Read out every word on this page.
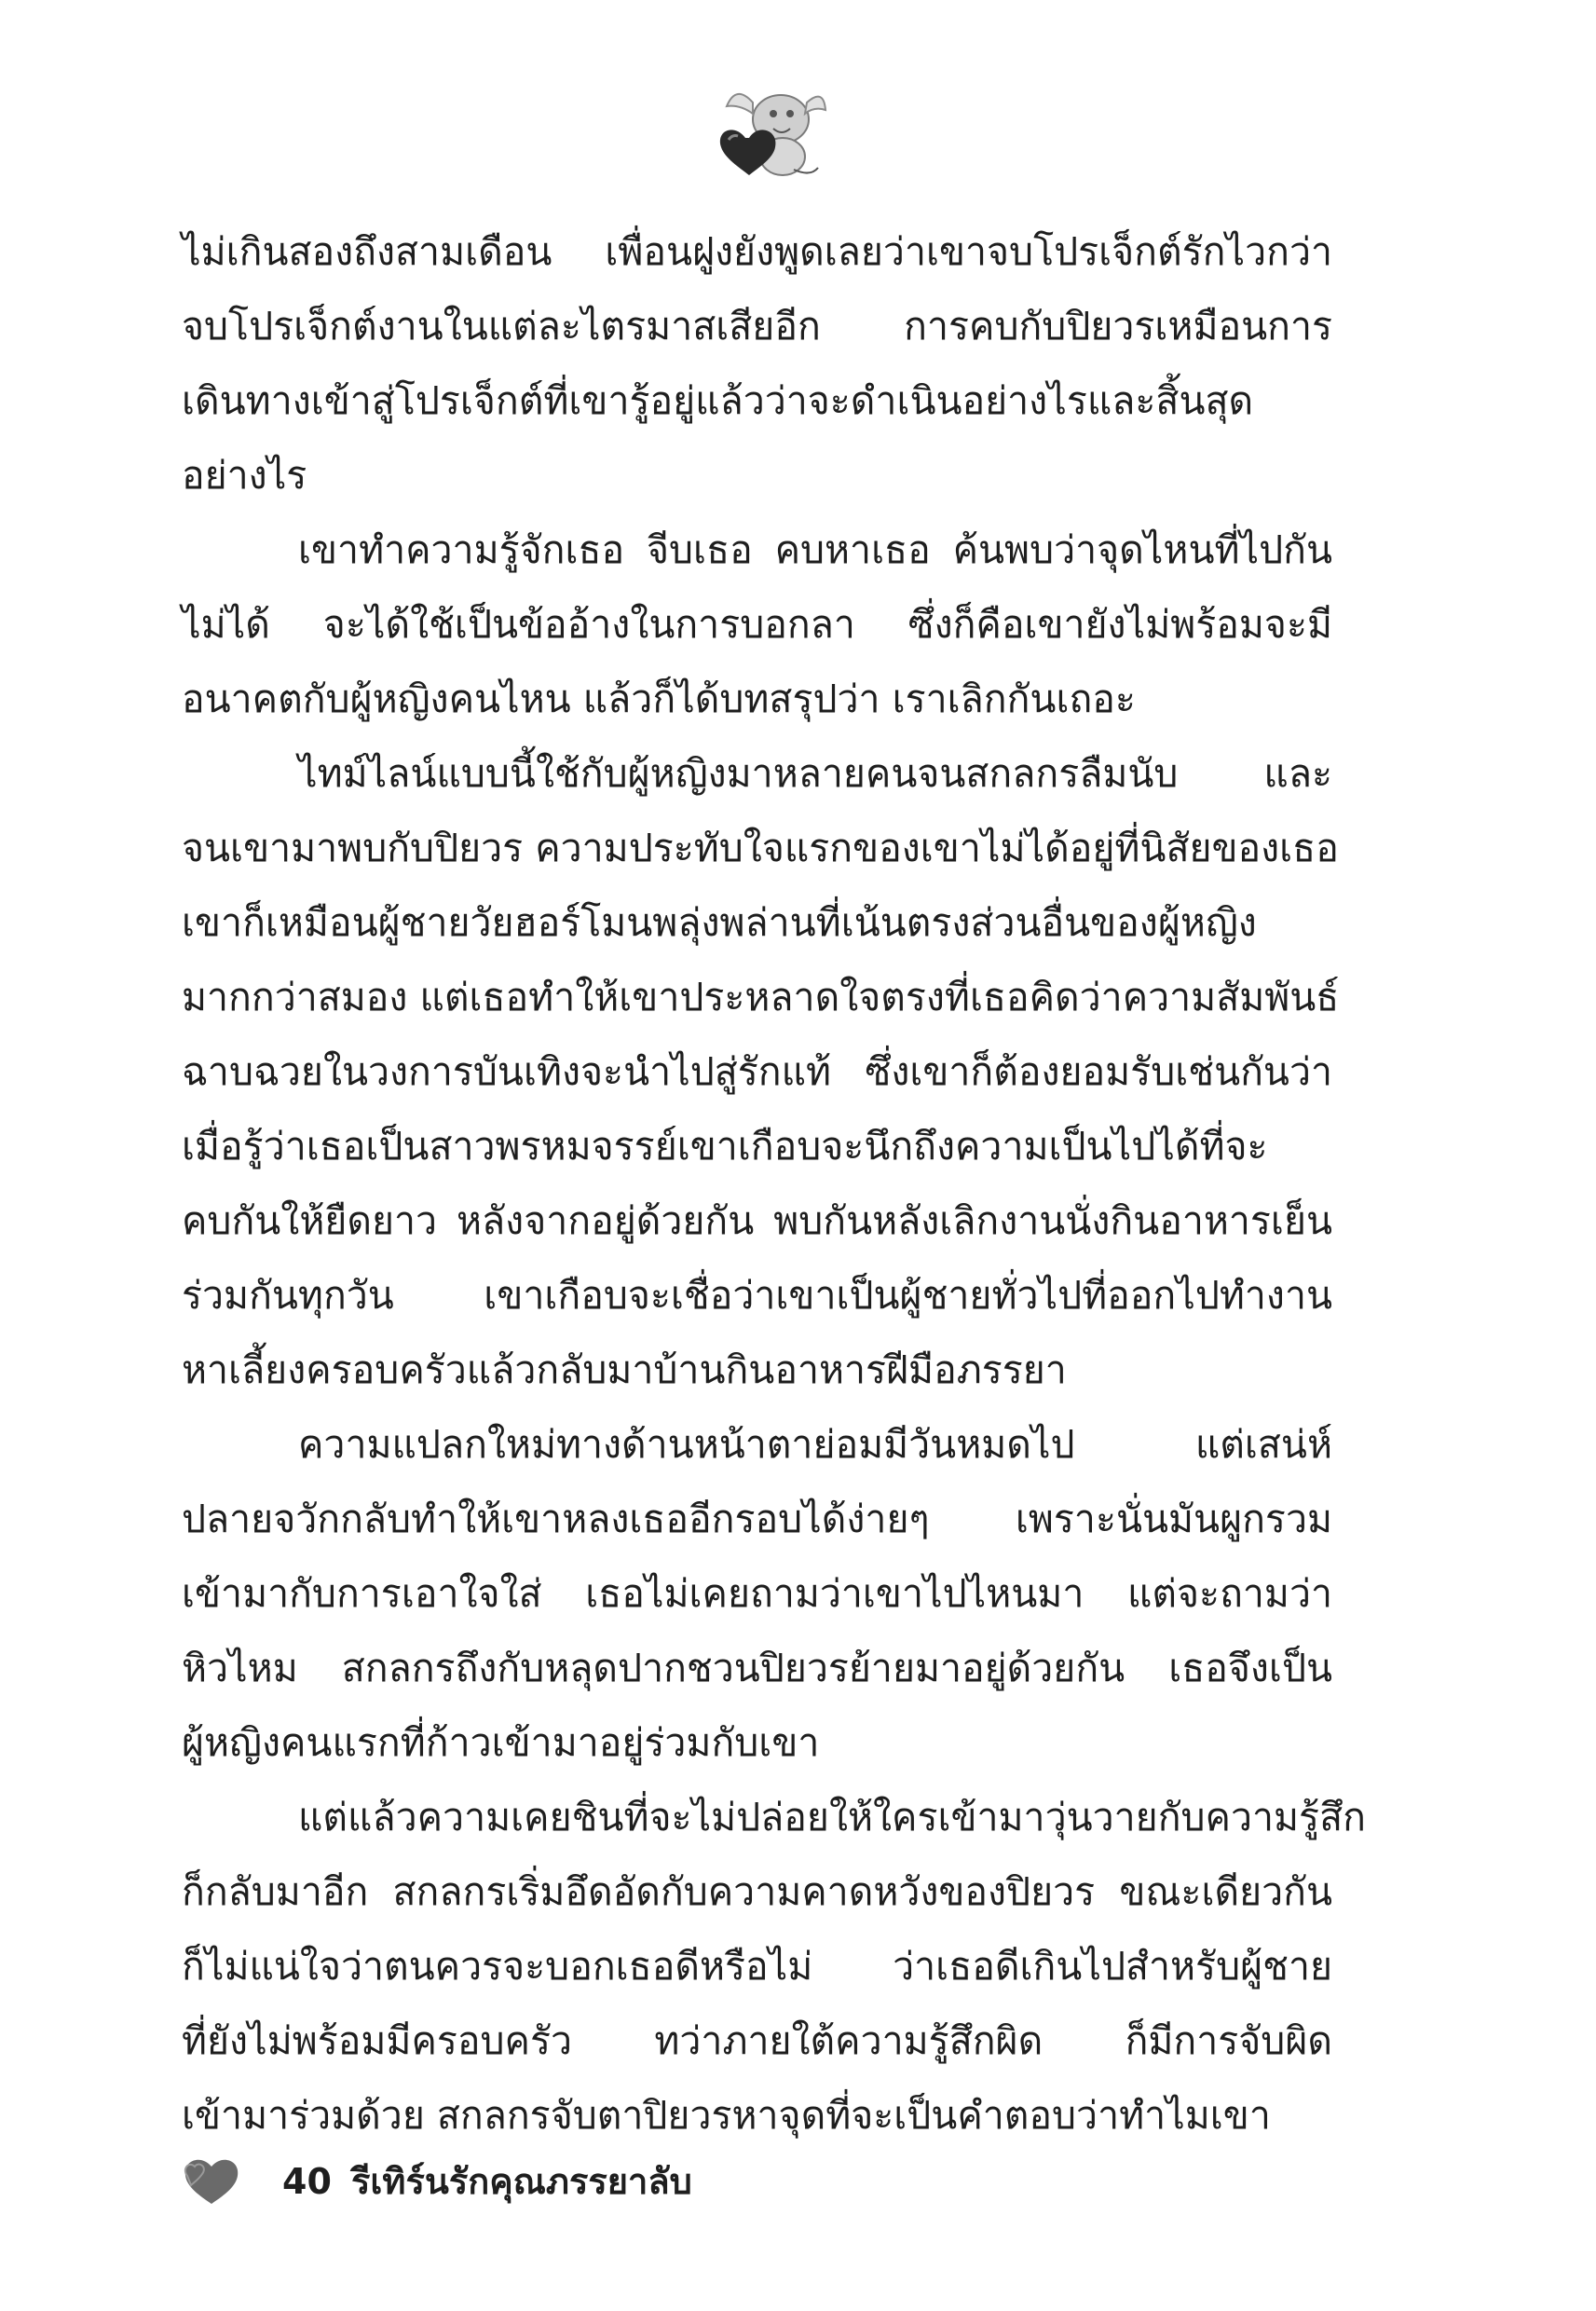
ไม่เกินสองถึงสามเดือน เพื่อนฝูงยังพูดเลยว่าเขาจบโปรเจ็กต์รักไวกว่า
จบโปรเจ็กต์งานในแต่ละไตรมาสเสียอีก การคบกับปิยวรเหมือนการ
เดินทางเข้าสู่โปรเจ็กต์ที่เขารู้อยู่แล้วว่าจะดำเนินอย่างไรและสิ้นสุด
อย่างไร
เขาทำความรู้จักเธอ จีบเธอ คบหาเธอ ค้นพบว่าจุดไหนที่ไปกัน
ไม่ได้ จะได้ใช้เป็นข้ออ้างในการบอกลา ซึ่งก็คือเขายังไม่พร้อมจะมี
อนาคตกับผู้หญิงคนไหน แล้วก็ได้บทสรุปว่า เราเลิกกันเถอะ
ไทม์ไลน์แบบนี้ใช้กับผู้หญิงมาหลายคนจนสกลกรลืมนับ และ
จนเขามาพบกับปิยวร ความประทับใจแรกของเขาไม่ได้อยู่ที่นิสัยของเธอ
เขาก็เหมือนผู้ชายวัยฮอร์โมนพลุ่งพล่านที่เน้นตรงส่วนอื่นของผู้หญิง
มากกว่าสมอง แต่เธอทำให้เขาประหลาดใจตรงที่เธอคิดว่าความสัมพันธ์
ฉาบฉวยในวงการบันเทิงจะนำไปสู่รักแท้ ซึ่งเขาก็ต้องยอมรับเช่นกันว่า
เมื่อรู้ว่าเธอเป็นสาวพรหมจรรย์เขาเกือบจะนึกถึงความเป็นไปได้ที่จะ
คบกันให้ยืดยาว หลังจากอยู่ด้วยกัน พบกันหลังเลิกงานนั่งกินอาหารเย็น
ร่วมกันทุกวัน เขาเกือบจะเชื่อว่าเขาเป็นผู้ชายทั่วไปที่ออกไปทำงาน
หาเลี้ยงครอบครัวแล้วกลับมาบ้านกินอาหารฝีมือภรรยา
ความแปลกใหม่ทางด้านหน้าตาย่อมมีวันหมดไป แต่เสน่ห์
ปลายจวักกลับทำให้เขาหลงเธออีกรอบได้ง่ายๆ เพราะนั่นมันผูกรวม
เข้ามากับการเอาใจใส่ เธอไม่เคยถามว่าเขาไปไหนมา แต่จะถามว่า
หิวไหม สกลกรถึงกับหลุดปากชวนปิยวรย้ายมาอยู่ด้วยกัน เธอจึงเป็น
ผู้หญิงคนแรกที่ก้าวเข้ามาอยู่ร่วมกับเขา
แต่แล้วความเคยชินที่จะไม่ปล่อยให้ใครเข้ามาวุ่นวายกับความรู้สึก
ก็กลับมาอีก สกลกรเริ่มอึดอัดกับความคาดหวังของปิยวร ขณะเดียวกัน
ก็ไม่แน่ใจว่าตนควรจะบอกเธอดีหรือไม่ ว่าเธอดีเกินไปสำหรับผู้ชาย
ที่ยังไม่พร้อมมีครอบครัว ทว่าภายใต้ความรู้สึกผิด ก็มีการจับผิด
เข้ามาร่วมด้วย สกลกรจับตาปิยวรหาจุดที่จะเป็นคำตอบว่าทำไมเขา
40 รีเทิร์นรักคุณภรรยาลับ
